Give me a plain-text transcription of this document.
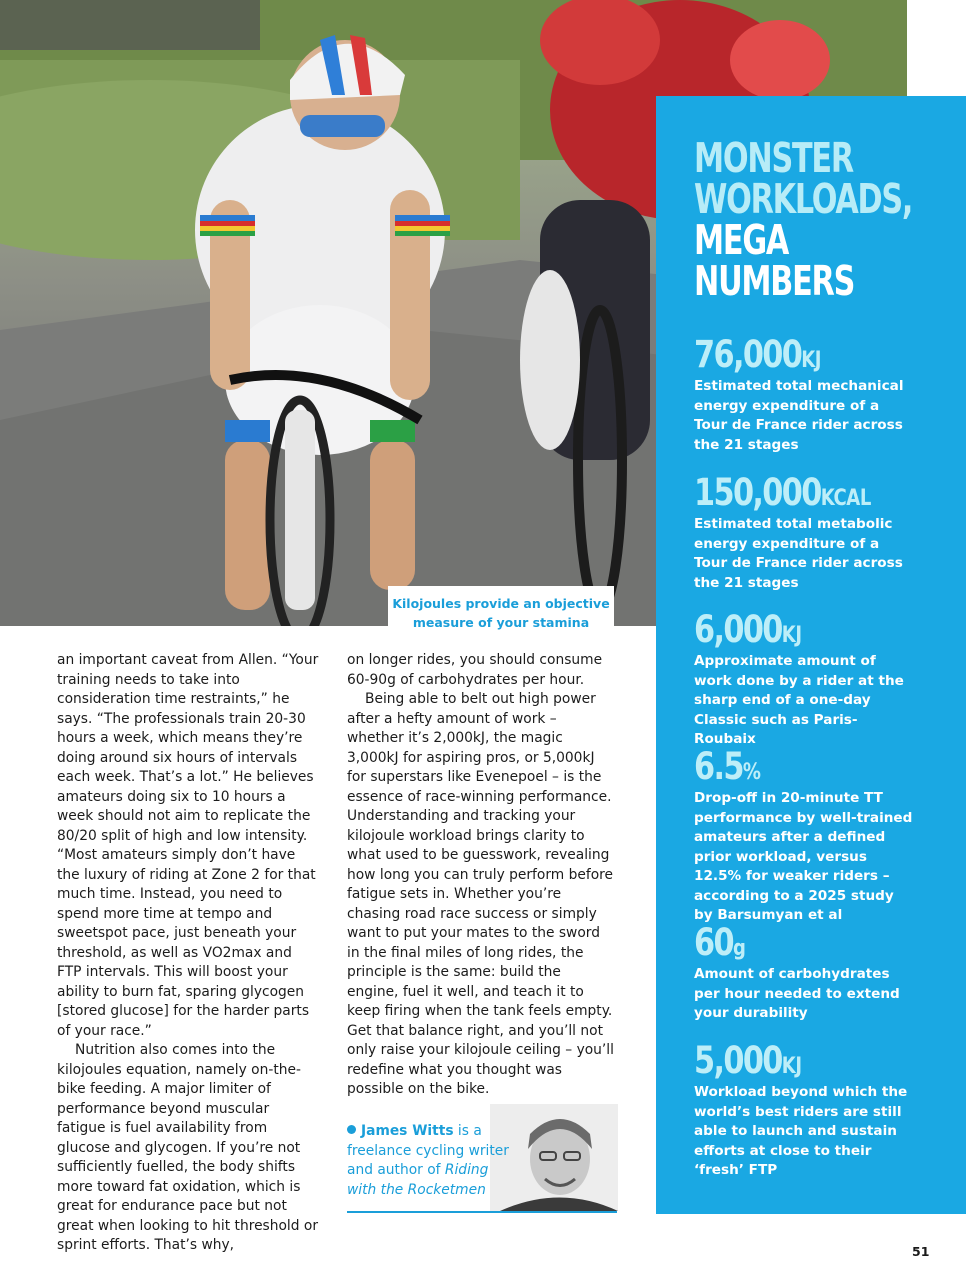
Kilojoules provide an objective measure of your stamina

an important caveat from Allen. “Your training needs to take into consideration time restraints,” he says. “The professionals train 20-30 hours a week, which means they’re doing around six hours of intervals each week. That’s a lot.” He believes amateurs doing six to 10 hours a week should not aim to replicate the 80/20 split of high and low intensity. “Most amateurs simply don’t have the luxury of riding at Zone 2 for that much time. Instead, you need to spend more time at tempo and sweetspot pace, just beneath your threshold, as well as VO2max and FTP intervals. This will boost your ability to burn fat, sparing glycogen [stored glucose] for the harder parts of your race.”

Nutrition also comes into the kilojoules equation, namely on-the-bike feeding. A major limiter of performance beyond muscular fatigue is fuel availability from glucose and glycogen. If you’re not sufficiently fuelled, the body shifts more toward fat oxidation, which is great for endurance pace but not great when looking to hit threshold or sprint efforts. That’s why,

on longer rides, you should consume 60-90g of carbohydrates per hour.

Being able to belt out high power after a hefty amount of work – whether it’s 2,000kJ, the magic 3,000kJ for aspiring pros, or 5,000kJ for superstars like Evenepoel – is the essence of race-winning performance. Understanding and tracking your kilojoule workload brings clarity to what used to be guesswork, revealing how long you can truly perform before fatigue sets in. Whether you’re chasing road race success or simply want to put your mates to the sword in the final miles of long rides, the principle is the same: build the engine, fuel it well, and teach it to keep firing when the tank feels empty. Get that balance right, and you’ll not only raise your kilojoule ceiling – you’ll redefine what you thought was possible on the bike.

James Witts is a freelance cycling writer and author of Riding with the Rocketmen
MONSTER
WORKLOADS,
MEGA
NUMBERS
76,000KJ
Estimated total mechanical energy expenditure of a Tour de France rider across the 21 stages
150,000KCAL
Estimated total metabolic energy expenditure of a Tour de France rider across the 21 stages
6,000KJ
Approximate amount of work done by a rider at the sharp end of a one-day Classic such as Paris-Roubaix
6.5%
Drop-off in 20-minute TT performance by well-trained amateurs after a defined prior workload, versus 12.5% for weaker riders – according to a 2025 study by Barsumyan et al
60g
Amount of carbohydrates per hour needed to extend your durability
5,000KJ
Workload beyond which the world’s best riders are still able to launch and sustain efforts at close to their ‘fresh’ FTP
51
